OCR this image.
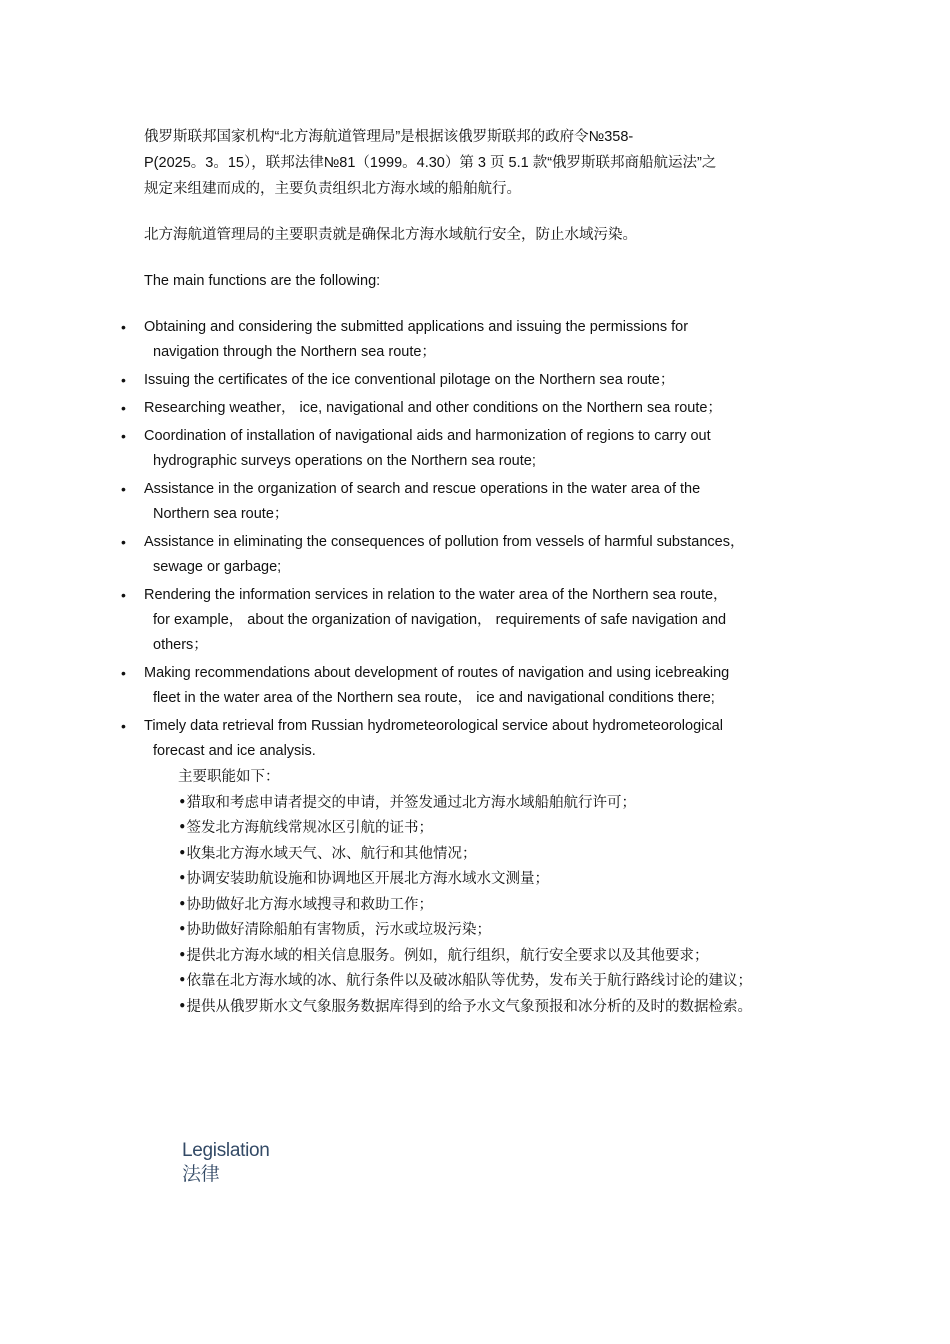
俄罗斯联邦国家机构“北方海航道管理局”是根据该俄罗斯联邦的政府令№358-
P(2025。3。15），联邦法律№81（1999。4.30）第 3 页 5.1 款“俄罗斯联邦商船航运法”之
规定来组建而成的，主要负责组织北方海水域的船舶航行。

北方海航道管理局的主要职责就是确保北方海水域航行安全，防止水域污染。

The main functions are the following:

• Obtaining and considering the submitted applications and issuing the permissions for
navigation through the Northern sea route；
• Issuing the certificates of the ice conventional pilotage on the Northern sea route；
• Researching weather， ice, navigational and other conditions on the Northern sea route；
• Coordination of installation of navigational aids and harmonization of regions to carry out
hydrographic surveys operations on the Northern sea route;
• Assistance in the organization of search and rescue operations in the water area of the
Northern sea route；
• Assistance in eliminating the consequences of pollution from vessels of harmful substances，
sewage or garbage;
• Rendering the information services in relation to the water area of the Northern sea route，
for example， about the organization of navigation， requirements of safe navigation and
others；
• Making recommendations about development of routes of navigation and using icebreaking
fleet in the water area of the Northern sea route， ice and navigational conditions there;
• Timely data retrieval from Russian hydrometeorological service about hydrometeorological
forecast and ice analysis.

主要职能如下：

•猎取和考虑申请者提交的申请，并签发通过北方海水域船舶航行许可；

•签发北方海航线常规冰区引航的证书；

•收集北方海水域天气、冰、航行和其他情况；

•协调安装助航设施和协调地区开展北方海水域水文测量；

•协助做好北方海水域搜寻和救助工作；

•协助做好清除船舶有害物质，污水或垃圾污染；

•提供北方海水域的相关信息服务。例如，航行组织，航行安全要求以及其他要求；

•依靠在北方海水域的冰、航行条件以及破冰船队等优势，发布关于航行路线讨论的建议；

•提供从俄罗斯水文气象服务数据库得到的给予水文气象预报和冰分析的及时的数据检索。

Legislation
法律
